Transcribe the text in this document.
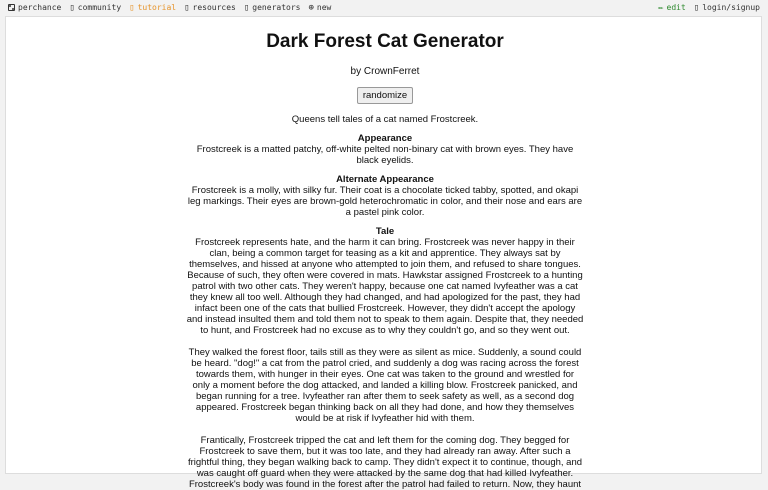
perchance ▯ community ▯ tutorial ▯ resources ▯ generators ⊕ new	✏ edit ▯ login/signup
Dark Forest Cat Generator
by CrownFerret
randomize
Queens tell tales of a cat named Frostcreek.
Appearance

Frostcreek is a matted patchy, off-white pelted non-binary cat with brown eyes. They have black eyelids.

Alternate Appearance

Frostcreek is a molly, with silky fur. Their coat is a chocolate ticked tabby, spotted, and okapi leg markings. Their eyes are brown-gold heterochromatic in color, and their nose and ears are a pastel pink color.

Tale

Frostcreek represents hate, and the harm it can bring. Frostcreek was never happy in their clan, being a common target for teasing as a kit and apprentice. They always sat by themselves, and hissed at anyone who attempted to join them, and refused to share tongues. Because of such, they often were covered in mats. Hawkstar assigned Frostcreek to a hunting patrol with two other cats. They weren't happy, because one cat named Ivyfeather was a cat they knew all too well. Although they had changed, and had apologized for the past, they had infact been one of the cats that bullied Frostcreek. However, they didn't accept the apology and instead insulted them and told them not to speak to them again. Despite that, they needed to hunt, and Frostcreek had no excuse as to why they couldn't go, and so they went out.

They walked the forest floor, tails still as they were as silent as mice. Suddenly, a sound could be heard. "dog!" a cat from the patrol cried, and suddenly a dog was racing across the forest towards them, with hunger in their eyes. One cat was taken to the ground and wrestled for only a moment before the dog attacked, and landed a killing blow. Frostcreek panicked, and began running for a tree. Ivyfeather ran after them to seek safety as well, as a second dog appeared. Frostcreek began thinking back on all they had done, and how they themselves would be at risk if Ivyfeather hid with them.

Frantically, Frostcreek tripped the cat and left them for the coming dog. They begged for Frostcreek to save them, but it was too late, and they had already ran away. After such a frightful thing, they began walking back to camp. They didn't expect it to continue, though, and was caught off guard when they were attacked by the same dog that had killed Ivyfeather. Frostcreek's body was found in the forest after the patrol had failed to return. Now, they haunt
